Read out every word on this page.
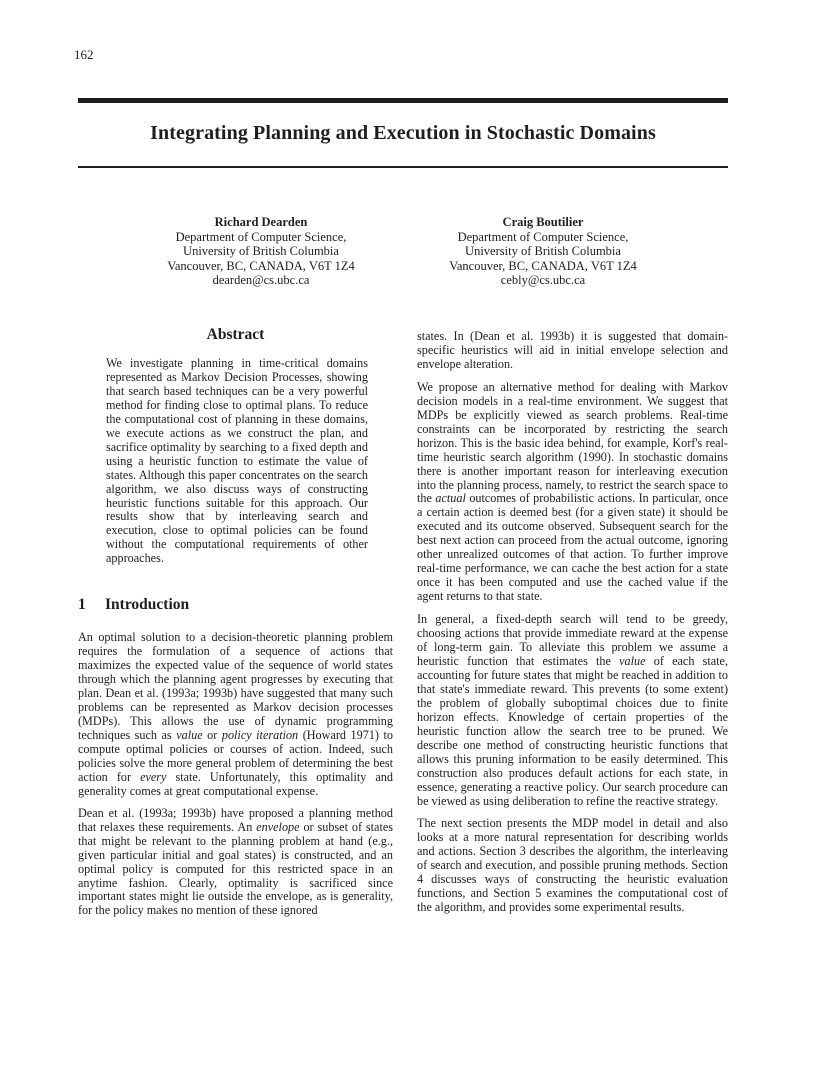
162
Integrating Planning and Execution in Stochastic Domains
Richard Dearden
Department of Computer Science,
University of British Columbia
Vancouver, BC, CANADA, V6T 1Z4
dearden@cs.ubc.ca
Craig Boutilier
Department of Computer Science,
University of British Columbia
Vancouver, BC, CANADA, V6T 1Z4
cebly@cs.ubc.ca
Abstract

We investigate planning in time-critical domains represented as Markov Decision Processes, showing that search based techniques can be a very powerful method for finding close to optimal plans. To reduce the computational cost of planning in these domains, we execute actions as we construct the plan, and sacrifice optimality by searching to a fixed depth and using a heuristic function to estimate the value of states. Although this paper concentrates on the search algorithm, we also discuss ways of constructing heuristic functions suitable for this approach. Our results show that by interleaving search and execution, close to optimal policies can be found without the computational requirements of other approaches.

1 Introduction

An optimal solution to a decision-theoretic planning problem requires the formulation of a sequence of actions that maximizes the expected value of the sequence of world states through which the planning agent progresses by executing that plan. Dean et al. (1993a; 1993b) have suggested that many such problems can be represented as Markov decision processes (MDPs). This allows the use of dynamic programming techniques such as value or policy iteration (Howard 1971) to compute optimal policies or courses of action. Indeed, such policies solve the more general problem of determining the best action for every state. Unfortunately, this optimality and generality comes at great computational expense.

Dean et al. (1993a; 1993b) have proposed a planning method that relaxes these requirements. An envelope or subset of states that might be relevant to the planning problem at hand (e.g., given particular initial and goal states) is constructed, and an optimal policy is computed for this restricted space in an anytime fashion. Clearly, optimality is sacrificed since important states might lie outside the envelope, as is generality, for the policy makes no mention of these ignored

states. In (Dean et al. 1993b) it is suggested that domain-specific heuristics will aid in initial envelope selection and envelope alteration.

We propose an alternative method for dealing with Markov decision models in a real-time environment. We suggest that MDPs be explicitly viewed as search problems. Real-time constraints can be incorporated by restricting the search horizon. This is the basic idea behind, for example, Korf's real-time heuristic search algorithm (1990). In stochastic domains there is another important reason for interleaving execution into the planning process, namely, to restrict the search space to the actual outcomes of probabilistic actions. In particular, once a certain action is deemed best (for a given state) it should be executed and its outcome observed. Subsequent search for the best next action can proceed from the actual outcome, ignoring other unrealized outcomes of that action. To further improve real-time performance, we can cache the best action for a state once it has been computed and use the cached value if the agent returns to that state.

In general, a fixed-depth search will tend to be greedy, choosing actions that provide immediate reward at the expense of long-term gain. To alleviate this problem we assume a heuristic function that estimates the value of each state, accounting for future states that might be reached in addition to that state's immediate reward. This prevents (to some extent) the problem of globally suboptimal choices due to finite horizon effects. Knowledge of certain properties of the heuristic function allow the search tree to be pruned. We describe one method of constructing heuristic functions that allows this pruning information to be easily determined. This construction also produces default actions for each state, in essence, generating a reactive policy. Our search procedure can be viewed as using deliberation to refine the reactive strategy.

The next section presents the MDP model in detail and also looks at a more natural representation for describing worlds and actions. Section 3 describes the algorithm, the interleaving of search and execution, and possible pruning methods. Section 4 discusses ways of constructing the heuristic evaluation functions, and Section 5 examines the computational cost of the algorithm, and provides some experimental results.
